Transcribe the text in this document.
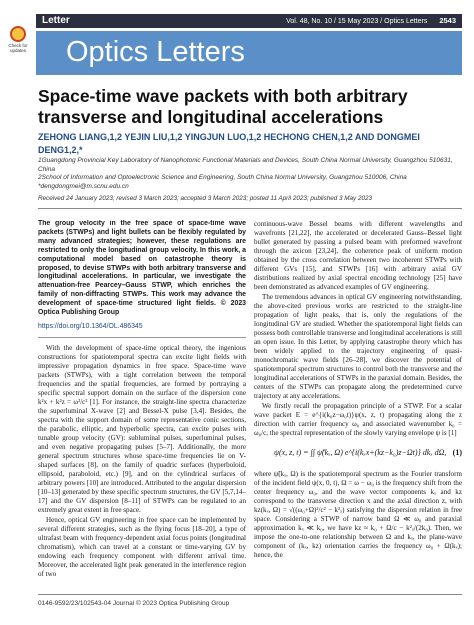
Letter	Vol. 48, No. 10 / 15 May 2023 / Optics Letters 2543
Check for updates Optics Letters
Space-time wave packets with both arbitrary transverse and longitudinal accelerations
ZEHONG LIANG,1,2 YEJIN LIU,1,2 YINGJUN LUO,1,2 HECHONG CHEN,1,2 AND DONGMEI DENG1,2,*
1Guangdong Provincial Key Laboratory of Nanophotonic Functional Materials and Devices, South China Normal University, Guangzhou 510631, China
2School of Information and Optoelectronic Science and Engineering, South China Normal University, Guangzhou 510006, China
*dengdongmei@m.scnu.edu.cn
Received 24 January 2023; revised 3 March 2023; accepted 3 March 2023; posted 11 April 2023; published 3 May 2023
The group velocity in the free space of space-time wave packets (STWPs) and light bullets can be flexibly regulated by many advanced strategies; however, these regulations are restricted to only the longitudinal group velocity. In this work, a computational model based on catastrophe theory is proposed, to devise STWPs with both arbitrary transverse and longitudinal accelerations. In particular, we investigate the attenuation-free Pearcey–Gauss STWP, which enriches the family of non-diffracting STWPs. This work may advance the development of space-time structured light fields. © 2023 Optica Publishing Group
https://doi.org/10.1364/OL.486345

With the development of space-time optical theory, the ingenious constructions for spatiotemporal spectra can excite light fields with impressive propagation dynamics in free space. Space-time wave packets (STWPs), with a tight correlation between the temporal frequencies and the spatial frequencies, are formed by portraying a specific spectral support domain on the surface of the dispersion cone k²x + k²z = ω²/c² [1]. For instance, the straight-line spectra characterize the superluminal X-wave [2] and Bessel-X pulse [3,4]. Besides, the spectra with the support domain of some representative conic sections, the parabolic, elliptic, and hyperbolic spectra, can excite pulses with tunable group velocity (GV): subluminal pulses, superluminal pulses, and even negative propagating pulses [5–7]. Additionally, the more general spectrum structures whose space-time frequencies lie on V-shaped surfaces [8], on the family of quadric surfaces (hyperboloid, ellipsoid, paraboloid, etc.) [9], and on the cylindrical surfaces of arbitrary powers [10] are introduced. Attributed to the angular dispersion [10–13] generated by these specific spectrum structures, the GV [5,7,14–17] and the GV dispersion [8–11] of STWPs can be regulated to an extremely great extent in free space.

Hence, optical GV engineering in free space can be implemented by several different strategies, such as the flying focus [18–20], a type of ultrafast beam with frequency-dependent axial focus points (longitudinal chromatism), which can travel at a constant or time-varying GV by endowing each frequency component with different arrival time. Moreover, the accelerated light peak generated in the interference region of two

continuous-wave Bessel beams with different wavelengths and wavefronts [21,22], the accelerated or decelerated Gauss–Bessel light bullet generated by passing a pulsed beam with preformed wavefront through the axicon [23,24], the coherence peak of uniform motion obtained by the cross correlation between two incoherent STWPs with different GVs [15], and STWPs [16] with arbitrary axial GV distributions realized by axial spectral encoding technology [25] have been demonstrated as advanced examples of GV engineering.

The tremendous advances in optical GV engineering notwithstanding, the above-cited previous works are restricted to the straight-line propagation of light peaks, that is, only the regulations of the longitudinal GV are studied. Whether the spatiotemporal light fields can possess both controllable transverse and longitudinal accelerations is still an open issue. In this Letter, by applying catastrophe theory which has been widely applied to the trajectory engineering of quasi-monochromatic wave fields [26–28], we discover the potential of spatiotemporal spectrum structures to control both the transverse and the longitudinal accelerations of STWPs in the paraxial domain. Besides, the centers of the STWPs can propagate along the predetermined curve trajectory at any accelerations.

We firstly recall the propagation principle of a STWP. For a scalar wave packet E = e^{i(k₀z−ω₀t)}ψ(x, z, t) propagating along the z direction with carrier frequency ω₀ and associated wavenumber k₀ = ω₀/c, the spectral representation of the slowly varying envelope ψ is [1]

ψ(x, z, t) = ∫∫ ψ̃(kₓ, Ω) e^{i(kₓx+(kz−k₀)z−Ωt)} dkₓ dΩ, (1)

where ψ̃(kₓ, Ω) is the spatiotemporal spectrum as the Fourier transform of the incident field ψ(x, 0, t), Ω = ω − ω₀ is the frequency shift from the center frequency ω₀, and the wave vector components kₓ and kz correspond to the transverse direction x and the axial direction z, with kz(kₓ, Ω) = √((ω₀+Ω)²/c² − k²ₓ) satisfying the dispersion relation in free space. Considering a STWP of narrow band Ω ≪ ω₀ and paraxial approximation kₓ ≪ k₀, we have kz ≈ k₀ + Ω/c − k²ₓ/(2k₀). Then, we impose the one-to-one relationship between Ω and kₓ, the plane-wave component of (kₓ, kz) orientation carries the frequency ω₀ + Ω(kₓ); hence, the

0146-9592/23/102543-04 Journal © 2023 Optica Publishing Group
